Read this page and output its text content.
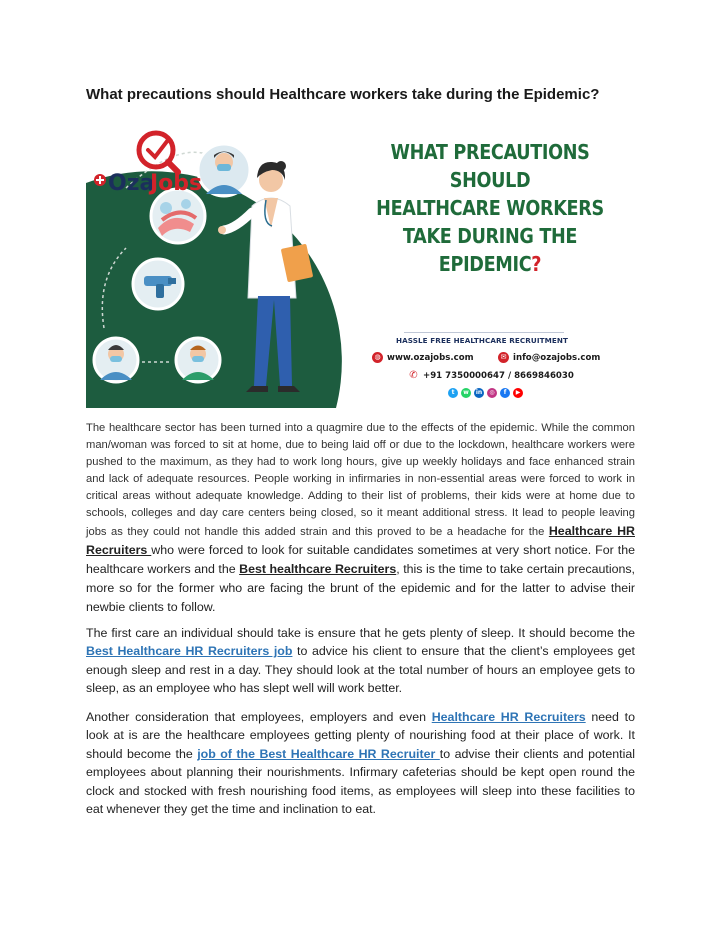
What precautions should Healthcare workers take during the Epidemic?
WHAT PRECAUTIONS SHOULD
HEALTHCARE WORKERS
TAKE DURING THE EPIDEMIC?
Oza
Jobs
HASSLE FREE HEALTHCARE RECRUITMENT
◍ www.ozajobs.com	✉ info@ozajobs.com
✆ +91 7350000647 / 8669846030
t	w	in	◎	f	▶

The healthcare sector has been turned into a quagmire due to the effects of the epidemic. While the common man/woman was forced to sit at home, due to being laid off or due to the lockdown, healthcare workers were pushed to the maximum, as they had to work long hours, give up weekly holidays and face enhanced strain and lack of adequate resources. People working in infirmaries in non-essential areas were forced to work in critical areas without adequate knowledge. Adding to their list of problems, their kids were at home due to schools, colleges and day care centers being closed, so it meant additional stress. It lead to people leaving jobs as they could not handle this added strain and this proved to be a headache for the Healthcare HR Recruiters who were forced to look for suitable candidates sometimes at very short notice. For the healthcare workers and the Best healthcare Recruiters, this is the time to take certain precautions, more so for the former who are facing the brunt of the epidemic and for the latter to advise their newbie clients to follow.

The first care an individual should take is ensure that he gets plenty of sleep. It should become the Best Healthcare HR Recruiters job to advice his client to ensure that the client’s employees get enough sleep and rest in a day. They should look at the total number of hours an employee gets to sleep, as an employee who has slept well will work better.

Another consideration that employees, employers and even Healthcare HR Recruiters need to look at is are the healthcare employees getting plenty of nourishing food at their place of work. It should become the job of the Best Healthcare HR Recruiter to advise their clients and potential employees about planning their nourishments. Infirmary cafeterias should be kept open round the clock and stocked with fresh nourishing food items, as employees will sleep into these facilities to eat whenever they get the time and inclination to eat.
